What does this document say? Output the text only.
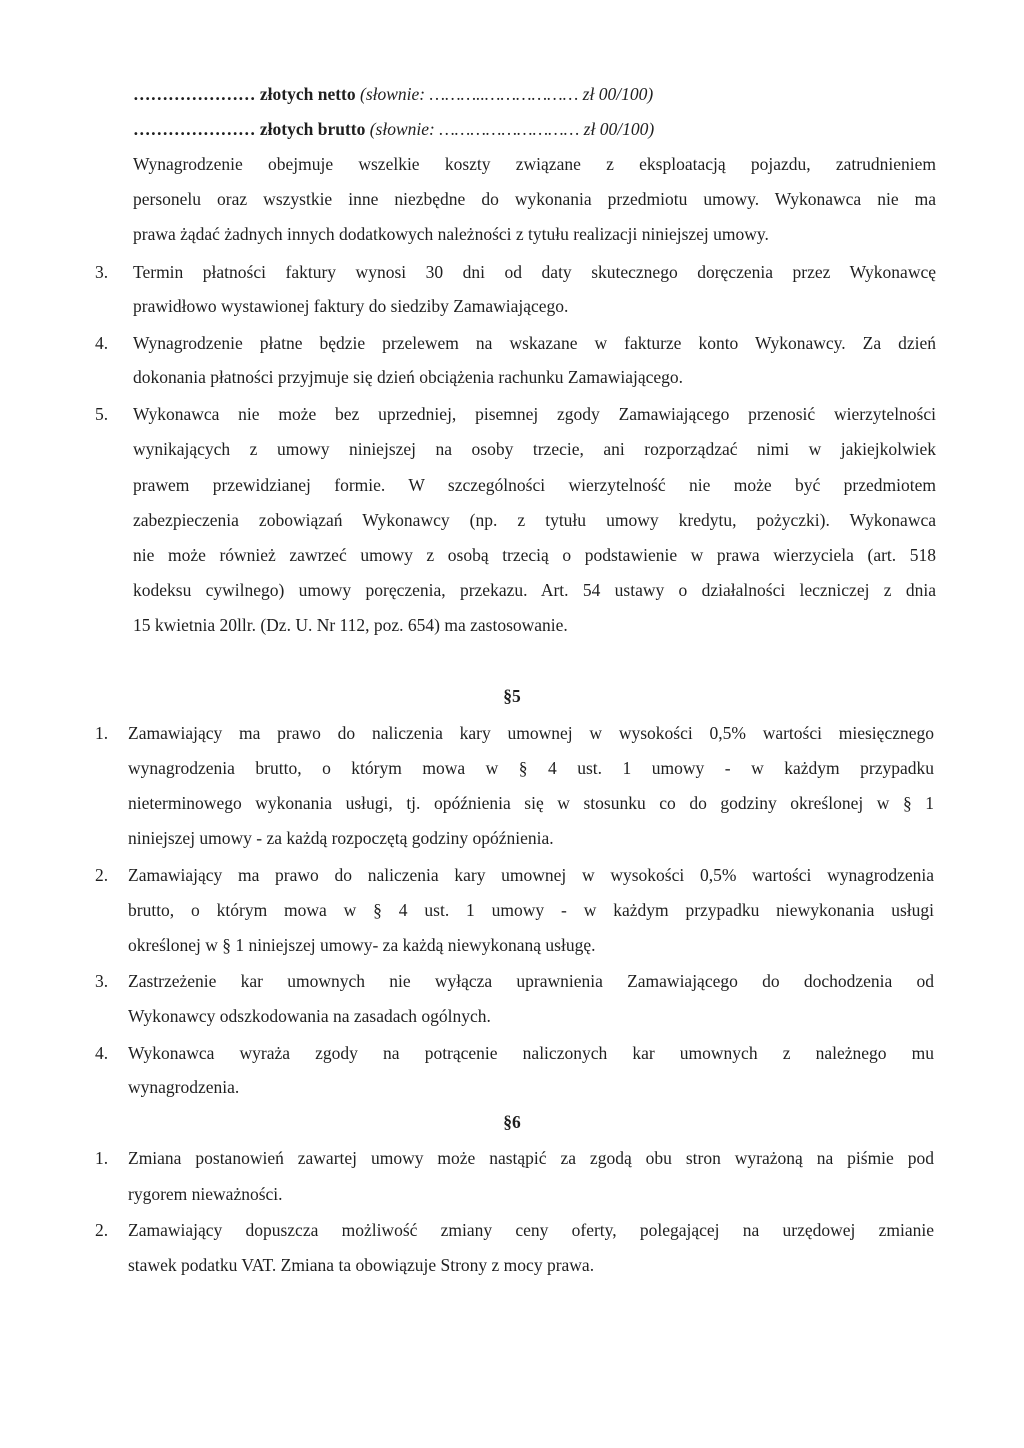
………………… złotych netto (słownie: ………..……………… zł 00/100)
………………… złotych brutto (słownie: ……………………… zł 00/100)
Wynagrodzenie obejmuje wszelkie koszty związane z eksploatacją pojazdu, zatrudnieniem
personelu oraz wszystkie inne niezbędne do wykonania przedmiotu umowy. Wykonawca nie ma
prawa żądać żadnych innych dodatkowych należności z tytułu realizacji niniejszej umowy.
3. Termin płatności faktury wynosi 30 dni od daty skutecznego doręczenia przez Wykonawcę
prawidłowo wystawionej faktury do siedziby Zamawiającego.
4. Wynagrodzenie płatne będzie przelewem na wskazane w fakturze konto Wykonawcy. Za dzień
dokonania płatności przyjmuje się dzień obciążenia rachunku Zamawiającego.
5. Wykonawca nie może bez uprzedniej, pisemnej zgody Zamawiającego przenosić wierzytelności
wynikających z umowy niniejszej na osoby trzecie, ani rozporządzać nimi w jakiejkolwiek
prawem przewidzianej formie. W szczególności wierzytelność nie może być przedmiotem
zabezpieczenia zobowiązań Wykonawcy (np. z tytułu umowy kredytu, pożyczki). Wykonawca
nie może również zawrzeć umowy z osobą trzecią o podstawienie w prawa wierzyciela (art. 518
kodeksu cywilnego) umowy poręczenia, przekazu. Art. 54 ustawy o działalności leczniczej z dnia
15 kwietnia 20llr. (Dz. U. Nr 112, poz. 654) ma zastosowanie.
§5
1. Zamawiający ma prawo do naliczenia kary umownej w wysokości 0,5% wartości miesięcznego
wynagrodzenia brutto, o którym mowa w § 4 ust. 1 umowy - w każdym przypadku
nieterminowego wykonania usługi, tj. opóźnienia się w stosunku co do godziny określonej w § 1
niniejszej umowy - za każdą rozpoczętą godziny opóźnienia.
2. Zamawiający ma prawo do naliczenia kary umownej w wysokości 0,5% wartości wynagrodzenia
brutto, o którym mowa w § 4 ust. 1 umowy - w każdym przypadku niewykonania usługi
określonej w § 1 niniejszej umowy- za każdą niewykonaną usługę.
3. Zastrzeżenie kar umownych nie wyłącza uprawnienia Zamawiającego do dochodzenia od
Wykonawcy odszkodowania na zasadach ogólnych.
4. Wykonawca wyraża zgody na potrącenie naliczonych kar umownych z należnego mu
wynagrodzenia.
§6
1. Zmiana postanowień zawartej umowy może nastąpić za zgodą obu stron wyrażoną na piśmie pod
rygorem nieważności.
2. Zamawiający dopuszcza możliwość zmiany ceny oferty, polegającej na urzędowej zmianie
stawek podatku VAT. Zmiana ta obowiązuje Strony z mocy prawa.
